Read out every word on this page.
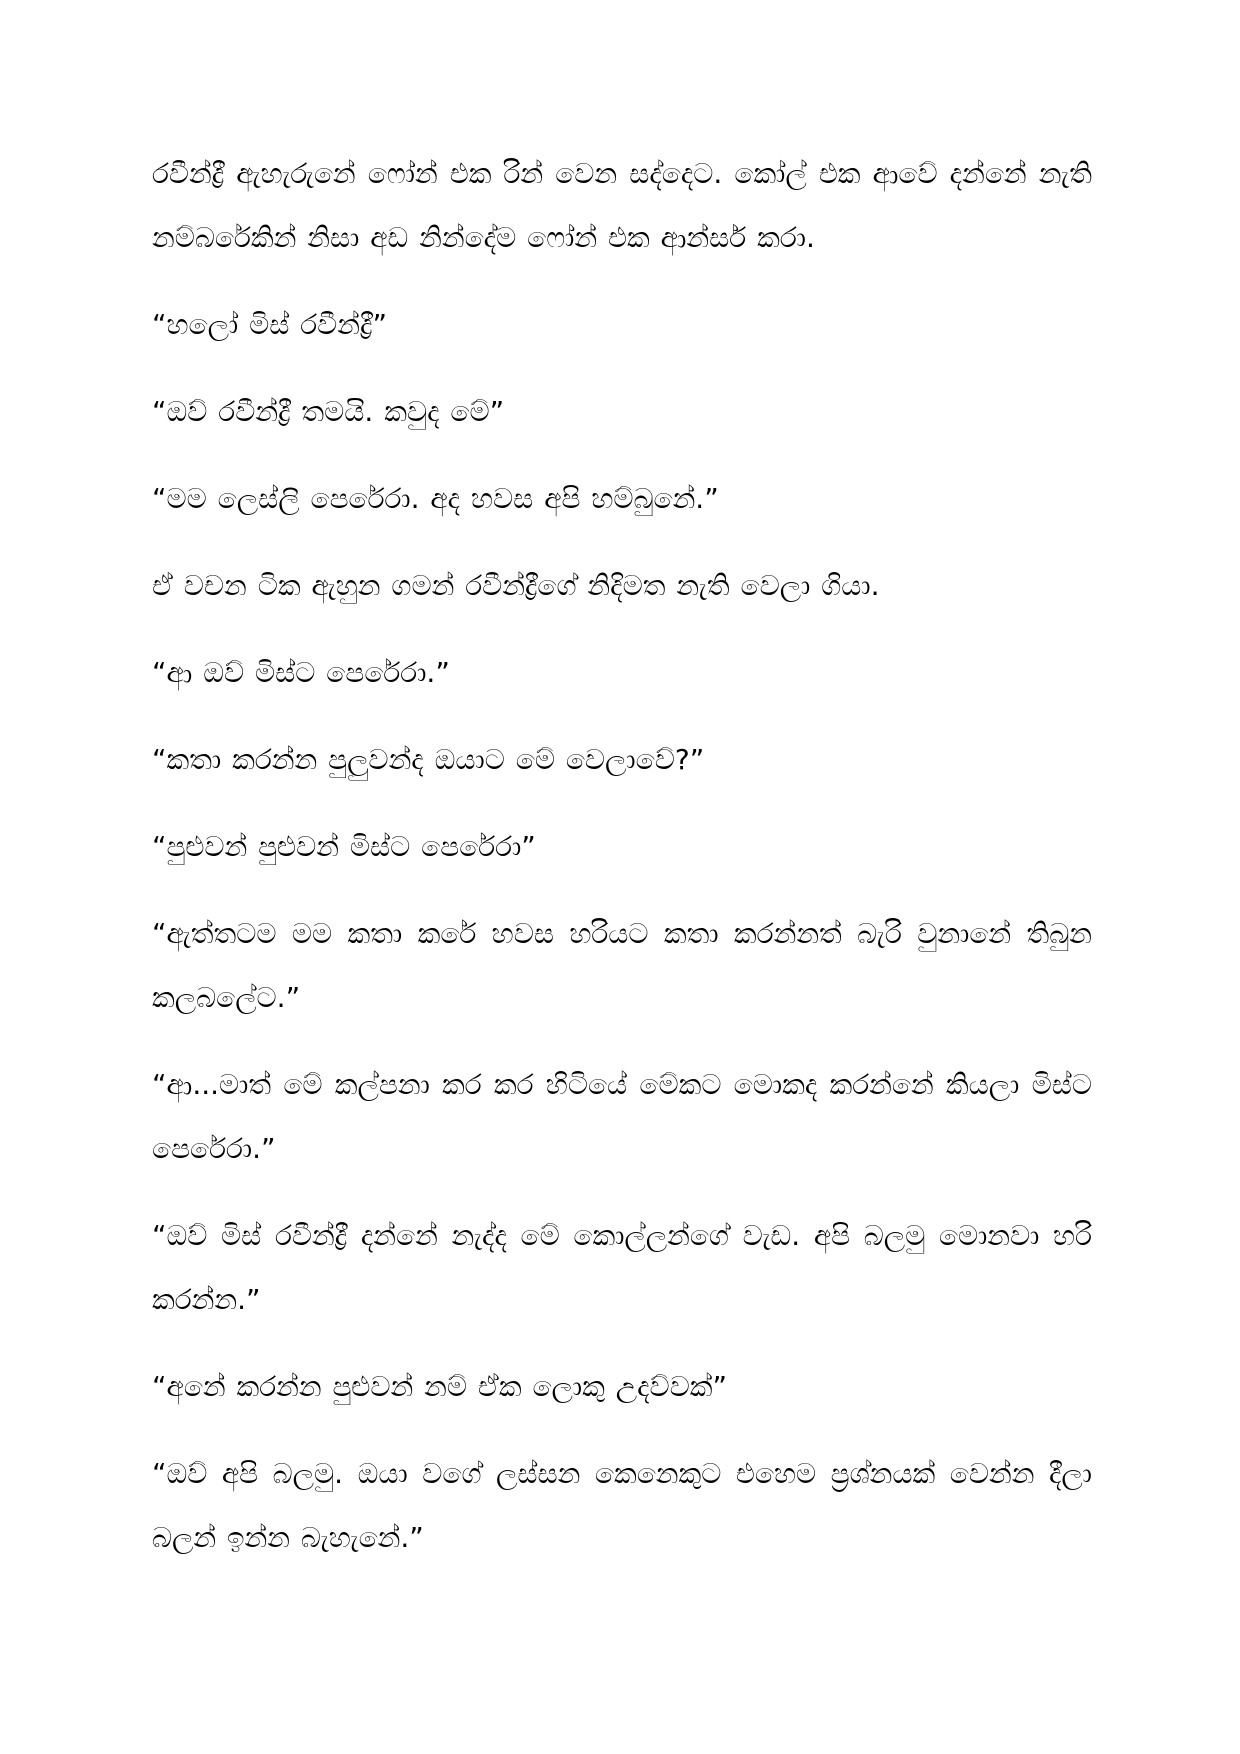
රවීන්ද්‍රී ඇහැරුනේ ෆෝන් එක රින් වෙන සද්දෙට. කෝල් එක ආවේ දන්නේ නැති නම්බරේකින් නිසා අඩ නින්දේම ෆෝන් එක ආන්සර් කරා.

“හලෝ මිස් රවීන්ද්‍රී”

“ඔව් රවීන්ද්‍රී තමයි. කවුද මේ”

“මම ලෙස්ලි පෙරේරා. අද හවස අපි හම්බුනේ.”

ඒ වචන ටික ඇහුන ගමන් රවීන්ද්‍රීගේ නිදිමත නැති වෙලා ගියා.

“ආ ඔව් මිස්ට පෙරේරා.”

“කතා කරන්න පුලුවන්ද ඔයාට මේ වෙලාවේ?”

“පුළුවන් පුළුවන් මිස්ට පෙරේරා”

“ඇත්තටම මම කතා කරේ හවස හරියට කතා කරන්නත් බැරි වුනානේ තිබුන කලබලේට.”

“ආ...මාත් මේ කල්පනා කර කර හිටියේ මේකට මොකද කරන්නේ කියලා මිස්ට පෙරේරා.”

“ඔව් මිස් රවීන්ද්‍රී දන්නේ නැද්ද මේ කොල්ලන්ගේ වැඩ. අපි බලමු මොනවා හරි කරන්න.”

“අනේ කරන්න පුළුවන් නම් ඒක ලොකු උදව්වක්”

“ඔව් අපි බලමු. ඔයා වගේ ලස්සන කෙනෙකුට එහෙම ප්‍රශ්නයක් වෙන්න දීලා බලන් ඉන්න බැහැනේ.”
